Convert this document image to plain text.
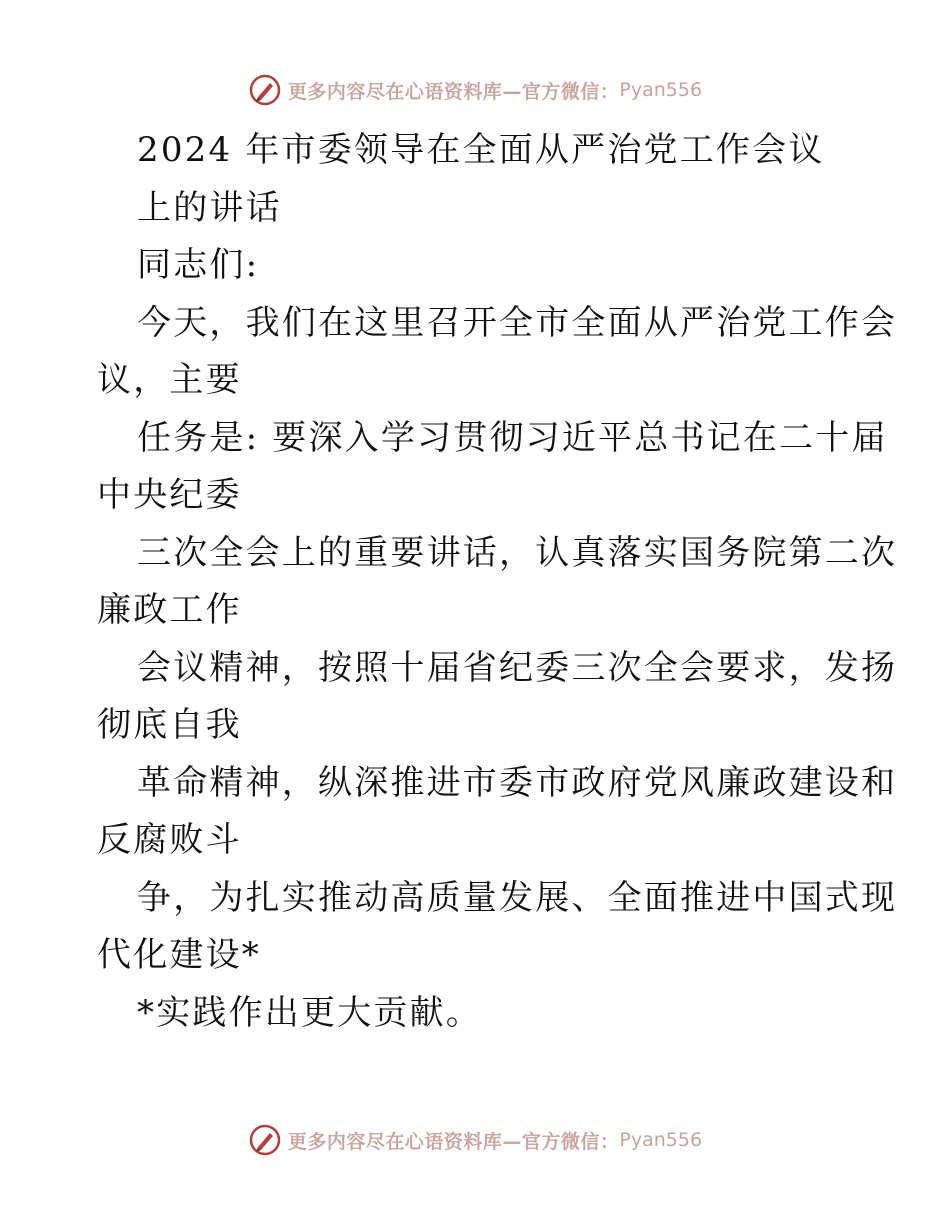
更多内容尽在心语资料库—官方微信： Pyan556
2024 年市委领导在全面从严治党工作会议
上的讲话
同志们:
今天，我们在这里召开全市全面从严治党工作会
议，主要
任务是: 要深入学习贯彻习近平总书记在二十届
中央纪委
三次全会上的重要讲话，认真落实国务院第二次
廉政工作
会议精神，按照十届省纪委三次全会要求，发扬
彻底自我
革命精神，纵深推进市委市政府党风廉政建设和
反腐败斗
争，为扎实推动高质量发展、全面推进中国式现
代化建设*
*实践作出更大贡献。
更多内容尽在心语资料库—官方微信： Pyan556
